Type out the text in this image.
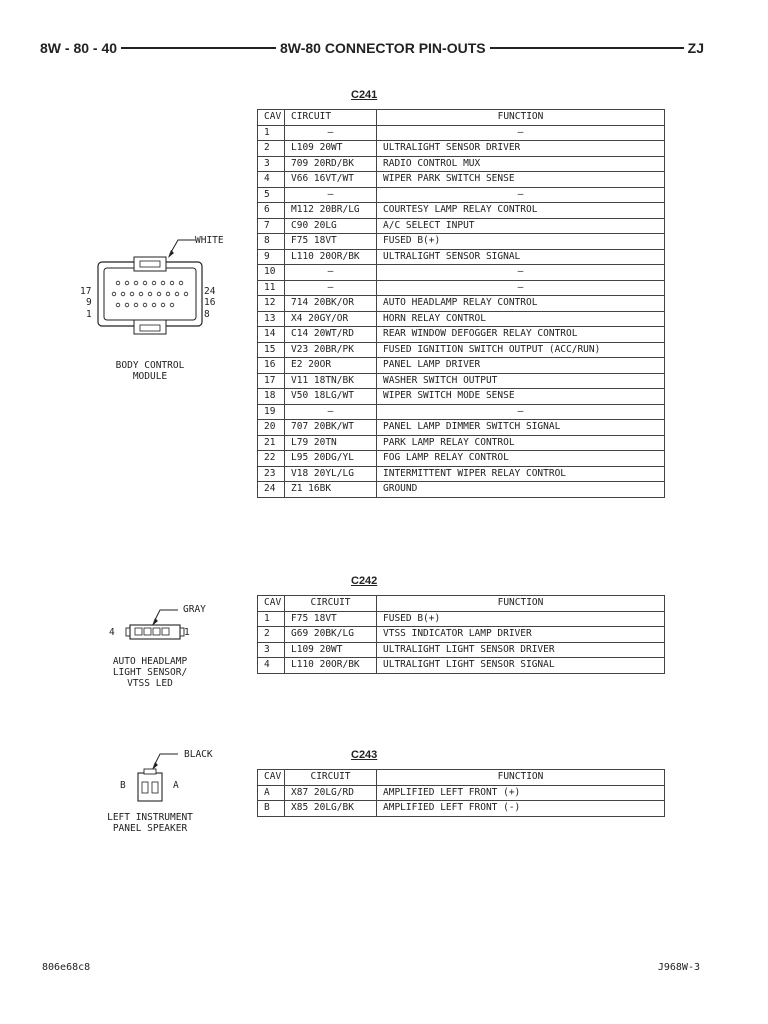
8W - 80 - 40	8W-80 CONNECTOR PIN-OUTS	ZJ
C241
CAV	CIRCUIT	FUNCTION
1	–	–
2	L109 20WT	ULTRALIGHT SENSOR DRIVER
3	709 20RD/BK	RADIO CONTROL MUX
4	V66 16VT/WT	WIPER PARK SWITCH SENSE
5	–	–
6	M112 20BR/LG	COURTESY LAMP RELAY CONTROL
7	C90 20LG	A/C SELECT INPUT
8	F75 18VT	FUSED B(+)
9	L110 20OR/BK	ULTRALIGHT SENSOR SIGNAL
10	–	–
11	–	–
12	714 20BK/OR	AUTO HEADLAMP RELAY CONTROL
13	X4 20GY/OR	HORN RELAY CONTROL
14	C14 20WT/RD	REAR WINDOW DEFOGGER RELAY CONTROL
15	V23 20BR/PK	FUSED IGNITION SWITCH OUTPUT (ACC/RUN)
16	E2 20OR	PANEL LAMP DRIVER
17	V11 18TN/BK	WASHER SWITCH OUTPUT
18	V50 18LG/WT	WIPER SWITCH MODE SENSE
19	–	–
20	707 20BK/WT	PANEL LAMP DIMMER SWITCH SIGNAL
21	L79 20TN	PARK LAMP RELAY CONTROL
22	L95 20DG/YL	FOG LAMP RELAY CONTROL
23	V18 20YL/LG	INTERMITTENT WIPER RELAY CONTROL
24	Z1 16BK	GROUND
WHITE
17
9
1
24
16
8
BODY CONTROL
MODULE
C242
CAV	CIRCUIT	FUNCTION
1	F75 18VT	FUSED B(+)
2	G69 20BK/LG	VTSS INDICATOR LAMP DRIVER
3	L109 20WT	ULTRALIGHT LIGHT SENSOR DRIVER
4	L110 20OR/BK	ULTRALIGHT LIGHT SENSOR SIGNAL
GRAY
4	1
AUTO HEADLAMP
LIGHT SENSOR/
VTSS LED
C243
CAV	CIRCUIT	FUNCTION
A	X87 20LG/RD	AMPLIFIED LEFT FRONT (+)
B	X85 20LG/BK	AMPLIFIED LEFT FRONT (-)
B	A
BLACK
LEFT INSTRUMENT
PANEL SPEAKER
806e68c8	J968W-3
